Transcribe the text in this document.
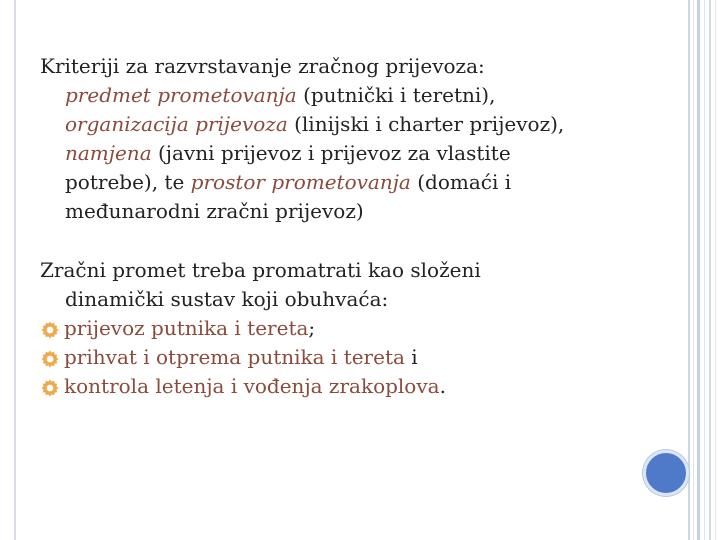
Kriteriji za razvrstavanje zračnog prijevoza:
predmet prometovanja (putnički i teretni),
organizacija prijevoza (linijski i charter prijevoz),
namjena (javni prijevoz i prijevoz za vlastite
potrebe), te prostor prometovanja (domaći i
međunarodni zračni prijevoz)

Zračni promet treba promatrati kao složeni
dinamički sustav koji obuhvaća:
prijevoz putnika i tereta;
prihvat i otprema putnika i tereta i
kontrola letenja i vođenja zrakoplova.
